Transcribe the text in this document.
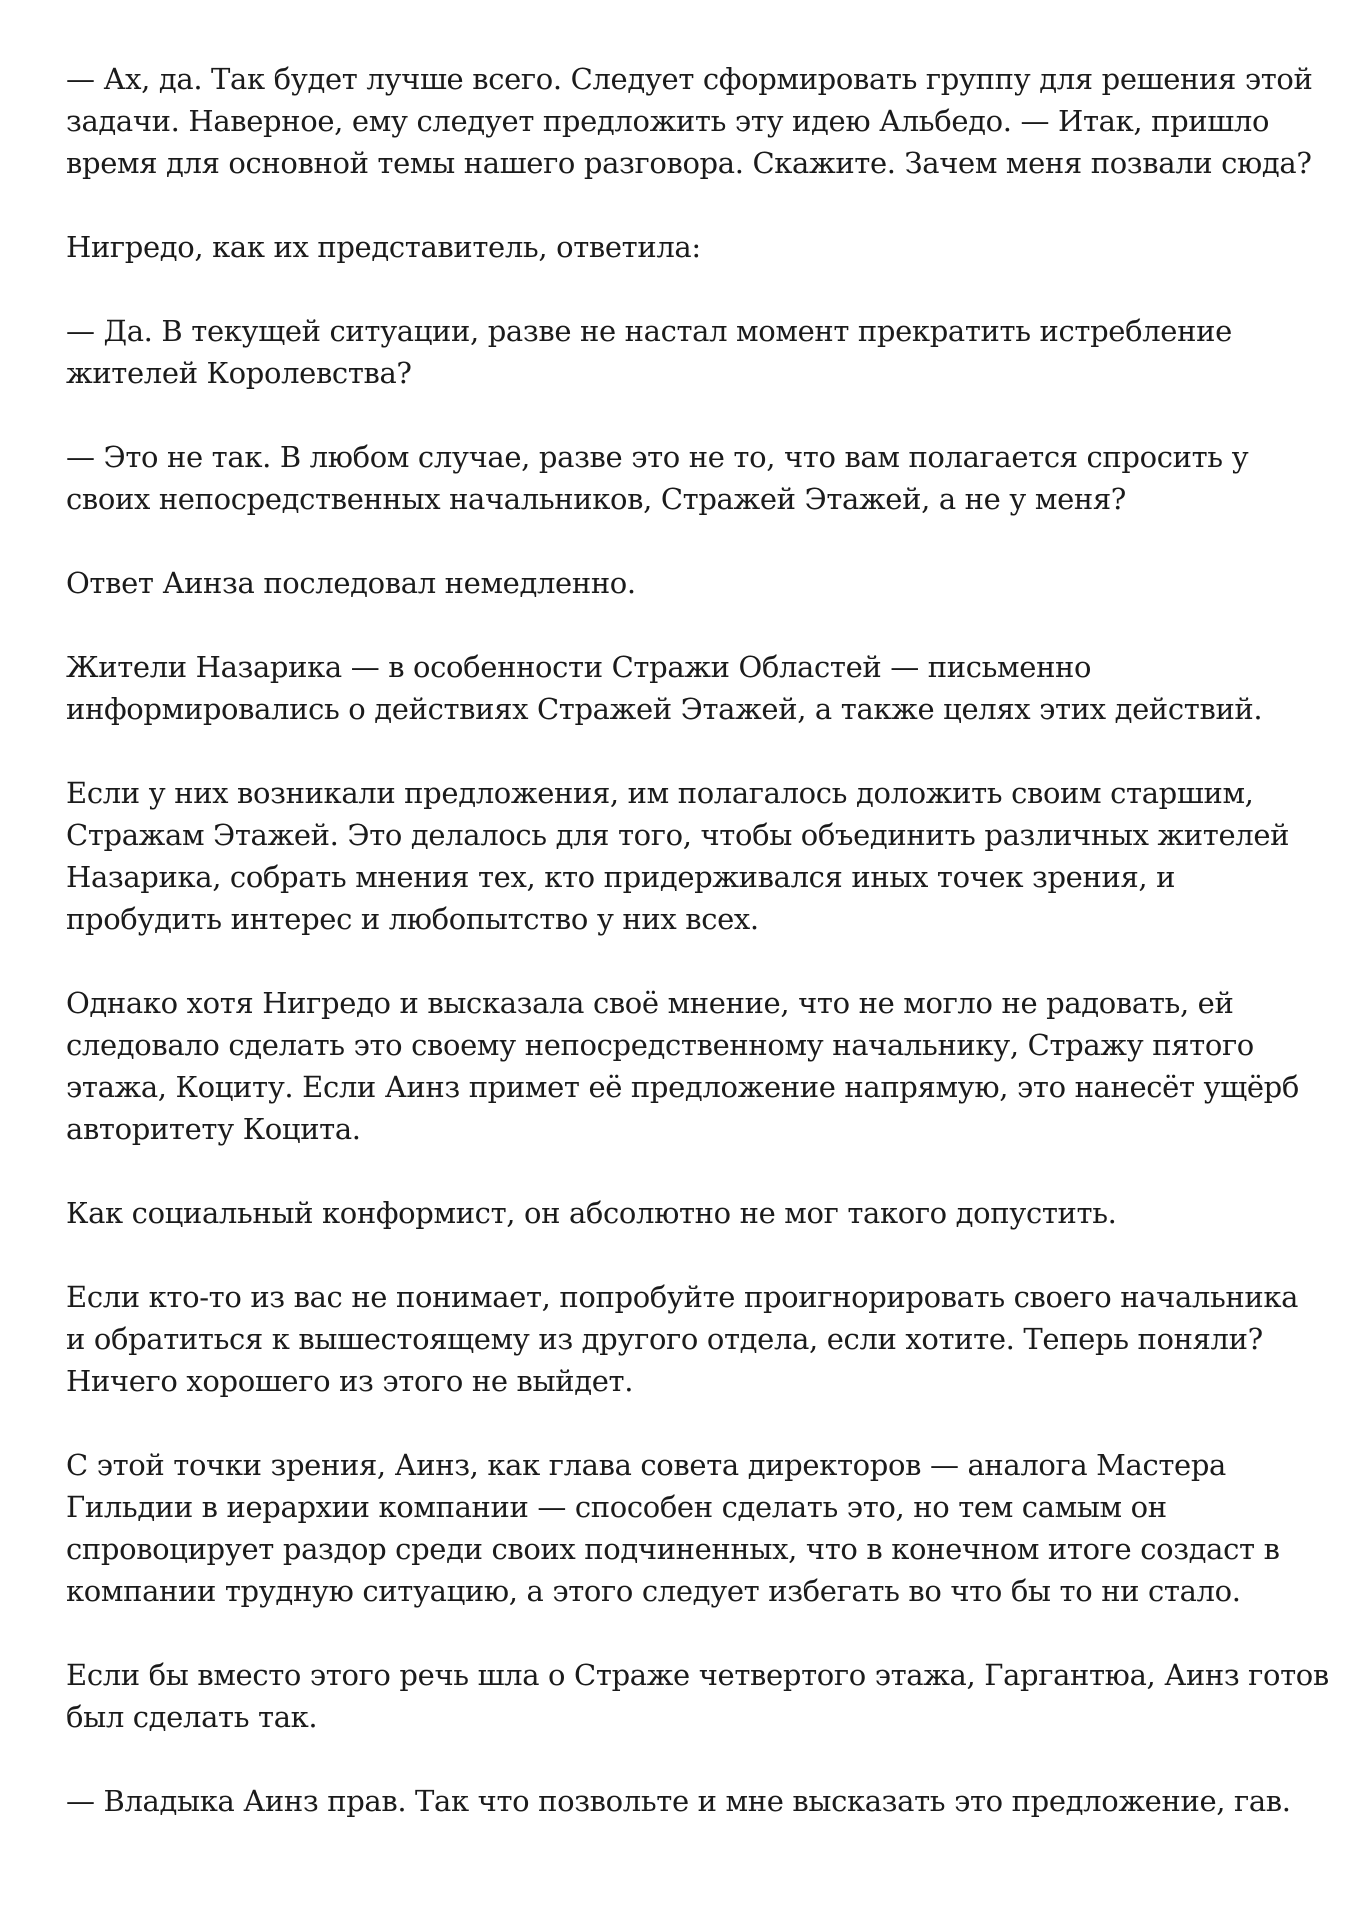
— Ах, да. Так будет лучше всего. Следует сформировать группу для решения этой
задачи. Наверное, ему следует предложить эту идею Альбедо. — Итак, пришло
время для основной темы нашего разговора. Скажите. Зачем меня позвали сюда?

Нигредо, как их представитель, ответила:

— Да. В текущей ситуации, разве не настал момент прекратить истребление
жителей Королевства?

— Это не так. В любом случае, разве это не то, что вам полагается спросить у
своих непосредственных начальников, Стражей Этажей, а не у меня?

Ответ Аинза последовал немедленно.

Жители Назарика — в особенности Стражи Областей — письменно
информировались о действиях Стражей Этажей, а также целях этих действий.

Если у них возникали предложения, им полагалось доложить своим старшим,
Стражам Этажей. Это делалось для того, чтобы объединить различных жителей
Назарика, собрать мнения тех, кто придерживался иных точек зрения, и
пробудить интерес и любопытство у них всех.

Однако хотя Нигредо и высказала своё мнение, что не могло не радовать, ей
следовало сделать это своему непосредственному начальнику, Стражу пятого
этажа, Коциту. Если Аинз примет её предложение напрямую, это нанесёт ущёрб
авторитету Коцита.

Как социальный конформист, он абсолютно не мог такого допустить.

Если кто-то из вас не понимает, попробуйте проигнорировать своего начальника
и обратиться к вышестоящему из другого отдела, если хотите. Теперь поняли?
Ничего хорошего из этого не выйдет.

С этой точки зрения, Аинз, как глава совета директоров — аналога Мастера
Гильдии в иерархии компании — способен сделать это, но тем самым он
спровоцирует раздор среди своих подчиненных, что в конечном итоге создаст в
компании трудную ситуацию, а этого следует избегать во что бы то ни стало.

Если бы вместо этого речь шла о Страже четвертого этажа, Гаргантюа, Аинз готов
был сделать так.

— Владыка Аинз прав. Так что позвольте и мне высказать это предложение, гав.
